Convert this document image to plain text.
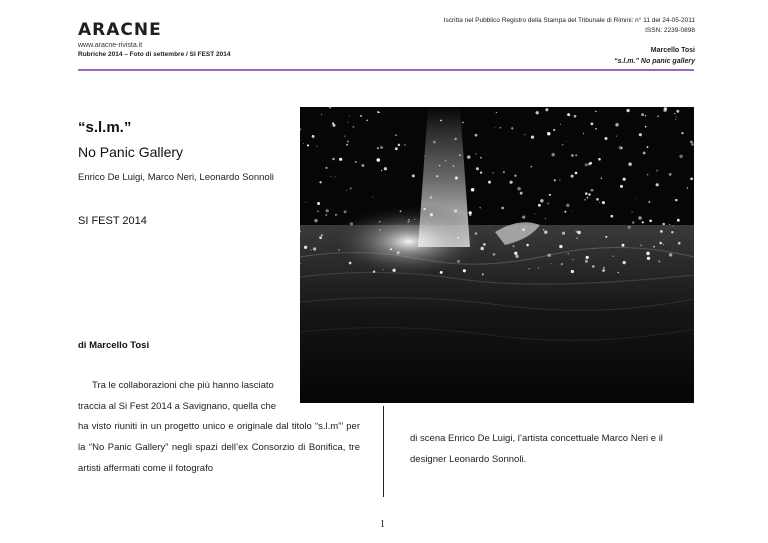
ARACNE
www.aracne-rivista.it
Rubriche 2014 – Foto di settembre / SI FEST 2014
Iscritta nel Pubblico Registro della Stampa del Tribunale di Rimini: n° 11 del 24-05-2011
ISSN: 2239-0898
Marcello Tosi
“s.l.m.” No panic gallery
“s.l.m.”
No Panic Gallery
Enrico De Luigi, Marco Neri, Leonardo Sonnoli
SI FEST 2014
di Marcello Tosi
Tra le collaborazioni che più hanno lasciato
traccia al Si Fest 2014 a Savignano, quella che
ha visto riuniti in un progetto unico e originale dal titolo “s.l.m”’ per la “No Panic Gallery” negli spazi dell’ex Consorzio di Bonifica, tre artisti affermati come il fotografo
di scena Enrico De Luigi, l’artista concettuale Marco Neri e il designer Leonardo Sonnoli.
1
